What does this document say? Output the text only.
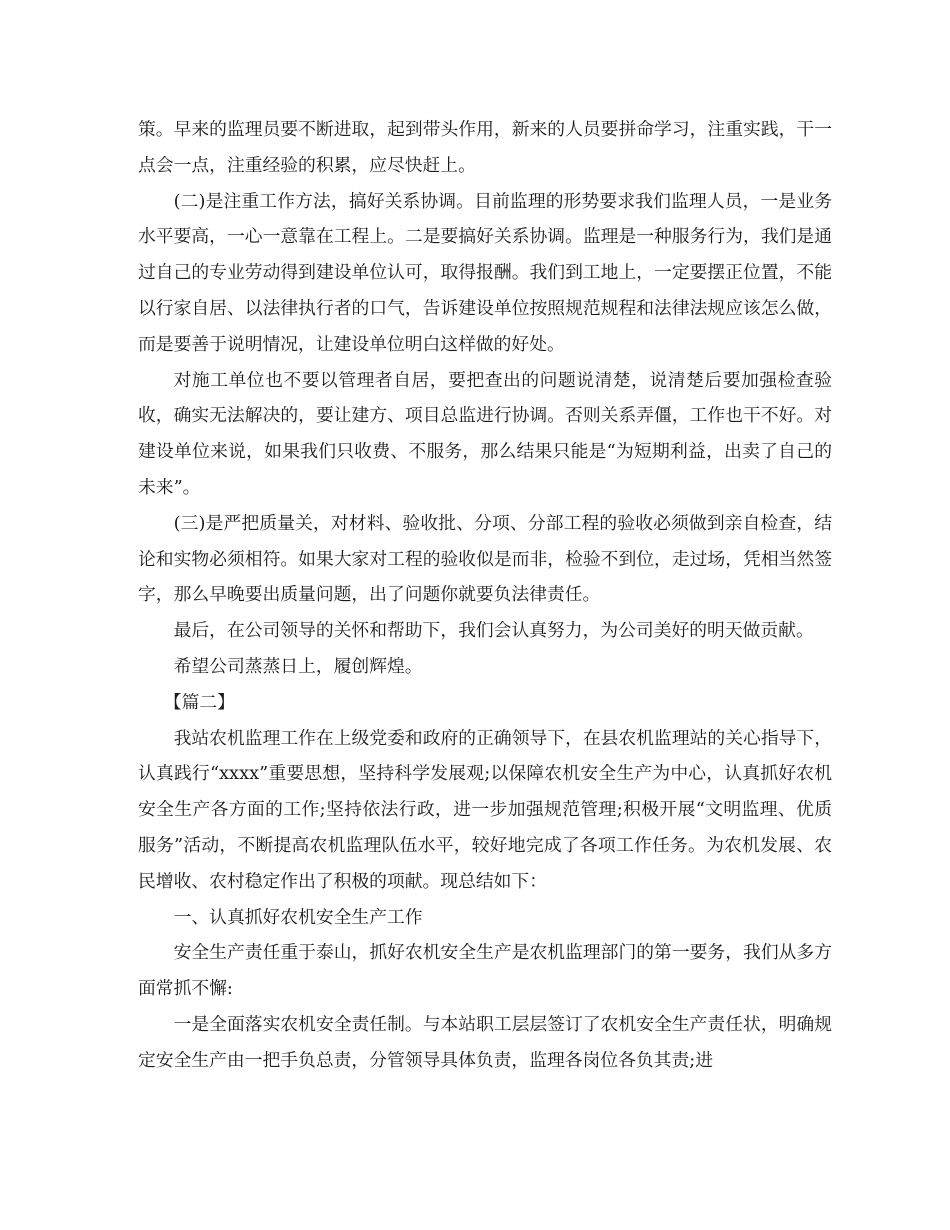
策。早来的监理员要不断进取，起到带头作用，新来的人员要拼命学习，注重实践，干一点会一点，注重经验的积累，应尽快赶上。

(二)是注重工作方法，搞好关系协调。目前监理的形势要求我们监理人员，一是业务水平要高，一心一意靠在工程上。二是要搞好关系协调。监理是一种服务行为，我们是通过自己的专业劳动得到建设单位认可，取得报酬。我们到工地上，一定要摆正位置，不能以行家自居、以法律执行者的口气，告诉建设单位按照规范规程和法律法规应该怎么做，而是要善于说明情况，让建设单位明白这样做的好处。

对施工单位也不要以管理者自居，要把查出的问题说清楚，说清楚后要加强检查验收，确实无法解决的，要让建方、项目总监进行协调。否则关系弄僵，工作也干不好。对建设单位来说，如果我们只收费、不服务，那么结果只能是“为短期利益，出卖了自己的未来”。

(三)是严把质量关，对材料、验收批、分项、分部工程的验收必须做到亲自检查，结论和实物必须相符。如果大家对工程的验收似是而非，检验不到位，走过场，凭相当然签字，那么早晚要出质量问题，出了问题你就要负法律责任。

最后，在公司领导的关怀和帮助下，我们会认真努力，为公司美好的明天做贡献。

希望公司蒸蒸日上，履创辉煌。

【篇二】

我站农机监理工作在上级党委和政府的正确领导下，在县农机监理站的关心指导下，认真践行“xxxx”重要思想，坚持科学发展观;以保障农机安全生产为中心，认真抓好农机安全生产各方面的工作;坚持依法行政，进一步加强规范管理;积极开展“文明监理、优质服务”活动，不断提高农机监理队伍水平，较好地完成了各项工作任务。为农机发展、农民增收、农村稳定作出了积极的项献。现总结如下：

一、认真抓好农机安全生产工作

安全生产责任重于泰山，抓好农机安全生产是农机监理部门的第一要务，我们从多方面常抓不懈:

一是全面落实农机安全责任制。与本站职工层层签订了农机安全生产责任状，明确规定安全生产由一把手负总责，分管领导具体负责，监理各岗位各负其责;进
